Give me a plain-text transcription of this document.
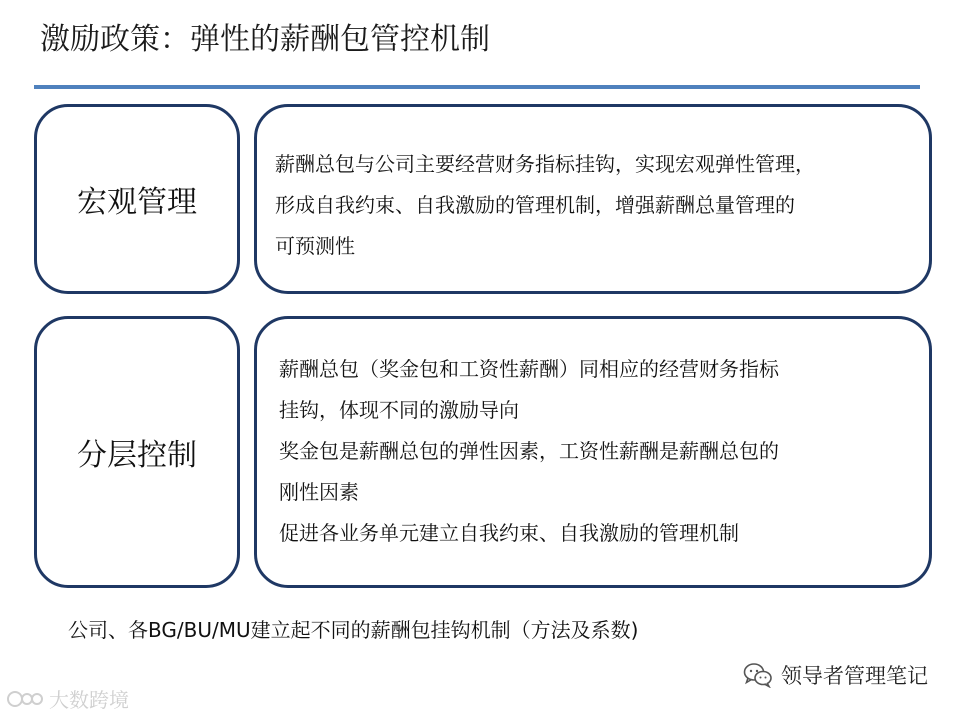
激励政策：弹性的薪酬包管控机制
宏观管理

薪酬总包与公司主要经营财务指标挂钩，实现宏观弹性管理，

形成自我约束、自我激励的管理机制，增强薪酬总量管理的

可预测性

分层控制

薪酬总包（奖金包和工资性薪酬）同相应的经营财务指标

挂钩，体现不同的激励导向

奖金包是薪酬总包的弹性因素，工资性薪酬是薪酬总包的

刚性因素

促进各业务单元建立自我约束、自我激励的管理机制

公司、各BG/BU/MU建立起不同的薪酬包挂钩机制（方法及系数)
领导者管理笔记
大数跨境
